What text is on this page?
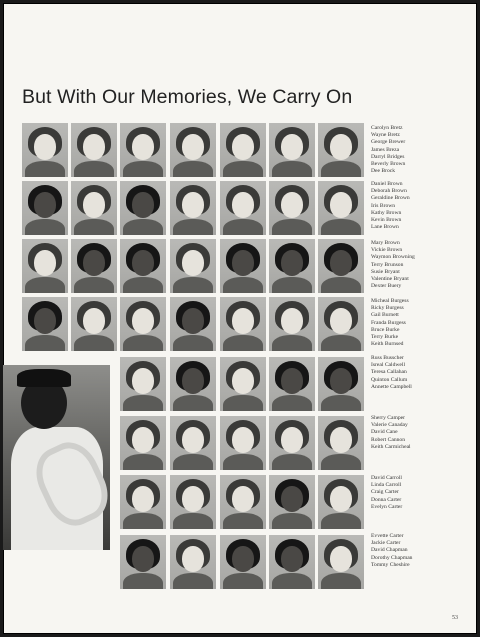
But With Our Memories, We Carry On
Carolyn Bretz
Wayne Bretz
George Brewer
James Breza
Darryl Bridges
Beverly Brown
Dee Brock
Daniel Brown
Deborah Brown
Geraldine Brown
Iris Brown
Kathy Brown
Kevin Brown
Lane Brown
Mary Brown
Vickie Brown
Waymon Browning
Terry Brunson
Susie Bryant
Valentine Bryant
Dexter Buery
Micheal Burgess
Ricky Burgess
Gail Burnett
Franda Burgess
Bruce Burke
Terry Burke
Keith Burnsed
Russ Busscher
Isreal Caldwell
Teresa Callahan
Quinton Callum
Annette Campbell
Sherry Camper
Valerie Canaday
David Cane
Robert Cannon
Keith Carmicheal
David Carroll
Linda Carroll
Craig Carter
Donna Carter
Evelyn Carter
Evvette Carter
Jackie Carter
David Chapman
Dorothy Chapman
Tommy Cheshire

53
